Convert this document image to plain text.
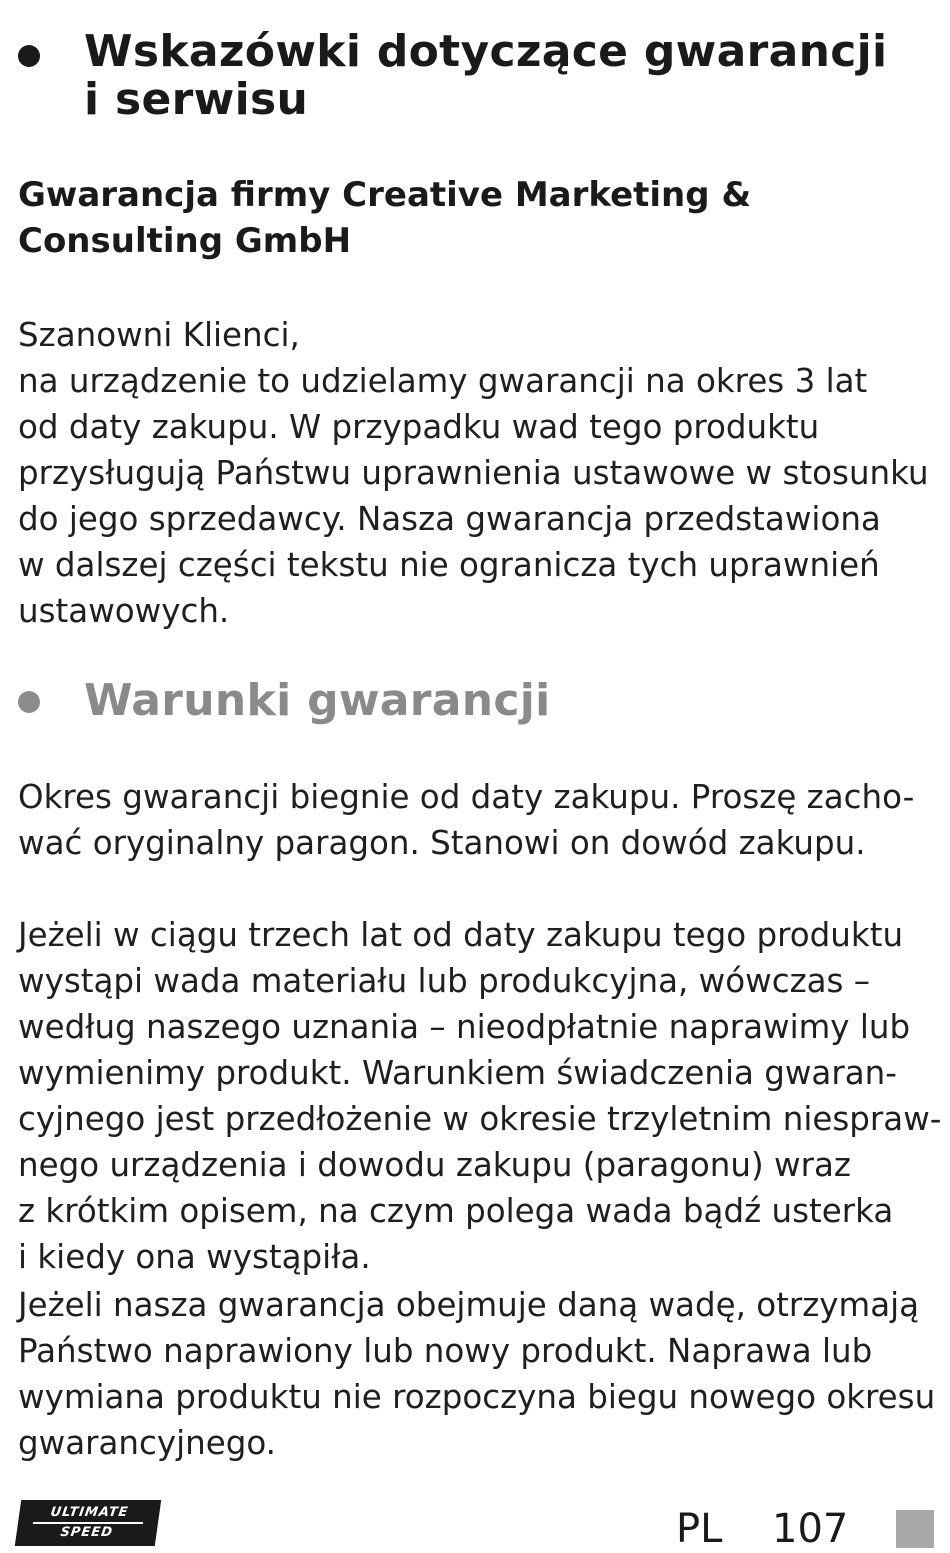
Wskazówki dotyczące gwarancji
i serwisu
Gwarancja firmy Creative Marketing &
Consulting GmbH

Szanowni Klienci,
na urządzenie to udzielamy gwarancji na okres 3 lat
od daty zakupu. W przypadku wad tego produktu
przysługują Państwu uprawnienia ustawowe w stosunku
do jego sprzedawcy. Nasza gwarancja przedstawiona
w dalszej części tekstu nie ogranicza tych uprawnień
ustawowych.

Warunki gwarancji

Okres gwarancji biegnie od daty zakupu. Proszę zacho-
wać oryginalny paragon. Stanowi on dowód zakupu.

Jeżeli w ciągu trzech lat od daty zakupu tego produktu
wystąpi wada materiału lub produkcyjna, wówczas –
według naszego uznania – nieodpłatnie naprawimy lub
wymienimy produkt. Warunkiem świadczenia gwaran-
cyjnego jest przedłożenie w okresie trzyletnim niespraw-
nego urządzenia i dowodu zakupu (paragonu) wraz
z krótkim opisem, na czym polega wada bądź usterka
i kiedy ona wystąpiła.

Jeżeli nasza gwarancja obejmuje daną wadę, otrzymają
Państwo naprawiony lub nowy produkt. Naprawa lub
wymiana produktu nie rozpoczyna biegu nowego okresu
gwarancyjnego.

ULTIMATE
SPEED	PL 107
